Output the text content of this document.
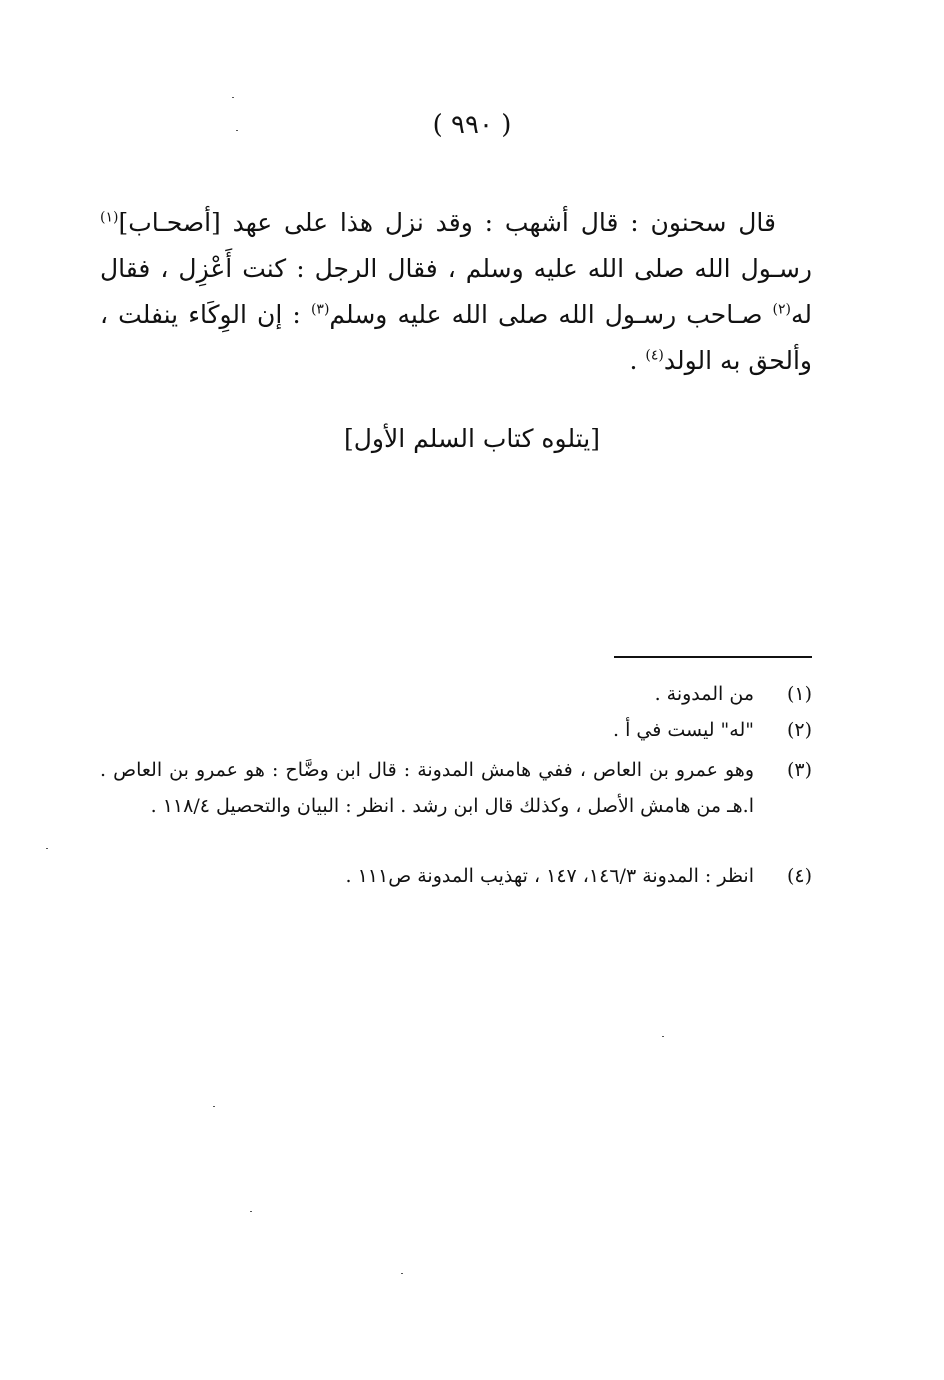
( ٩٩٠ )

قال سحنون : قال أشهب : وقد نزل هذا على عهد [أصحـاب]$^{(١)}$ رسـول الله صلى الله عليه وسلم ، فقال الرجل : كنت أَعْزِل ، فقال له$^{(٢)}$ صـاحب رسـول الله صلى الله عليه وسلم$^{(٣)}$ : إن الوِكَاء ينفلت ، وألحق به الولد$^{(٤)}$ .

[يتلوه كتاب السلم الأول]
(١)
من المدونة .
(٢)
"له" ليست في أ .
(٣)
وهو عمرو بن العاص ، ففي هامش المدونة : قال ابن وضَّاح : هو عمرو بن العاص . ا.هـ من هامش الأصل ، وكذلك قال ابن رشد . انظر : البيان والتحصيل ١١٨/٤ .
(٤)
انظر : المدونة ١٤٦/٣، ١٤٧ ، تهذيب المدونة ص١١١ .
